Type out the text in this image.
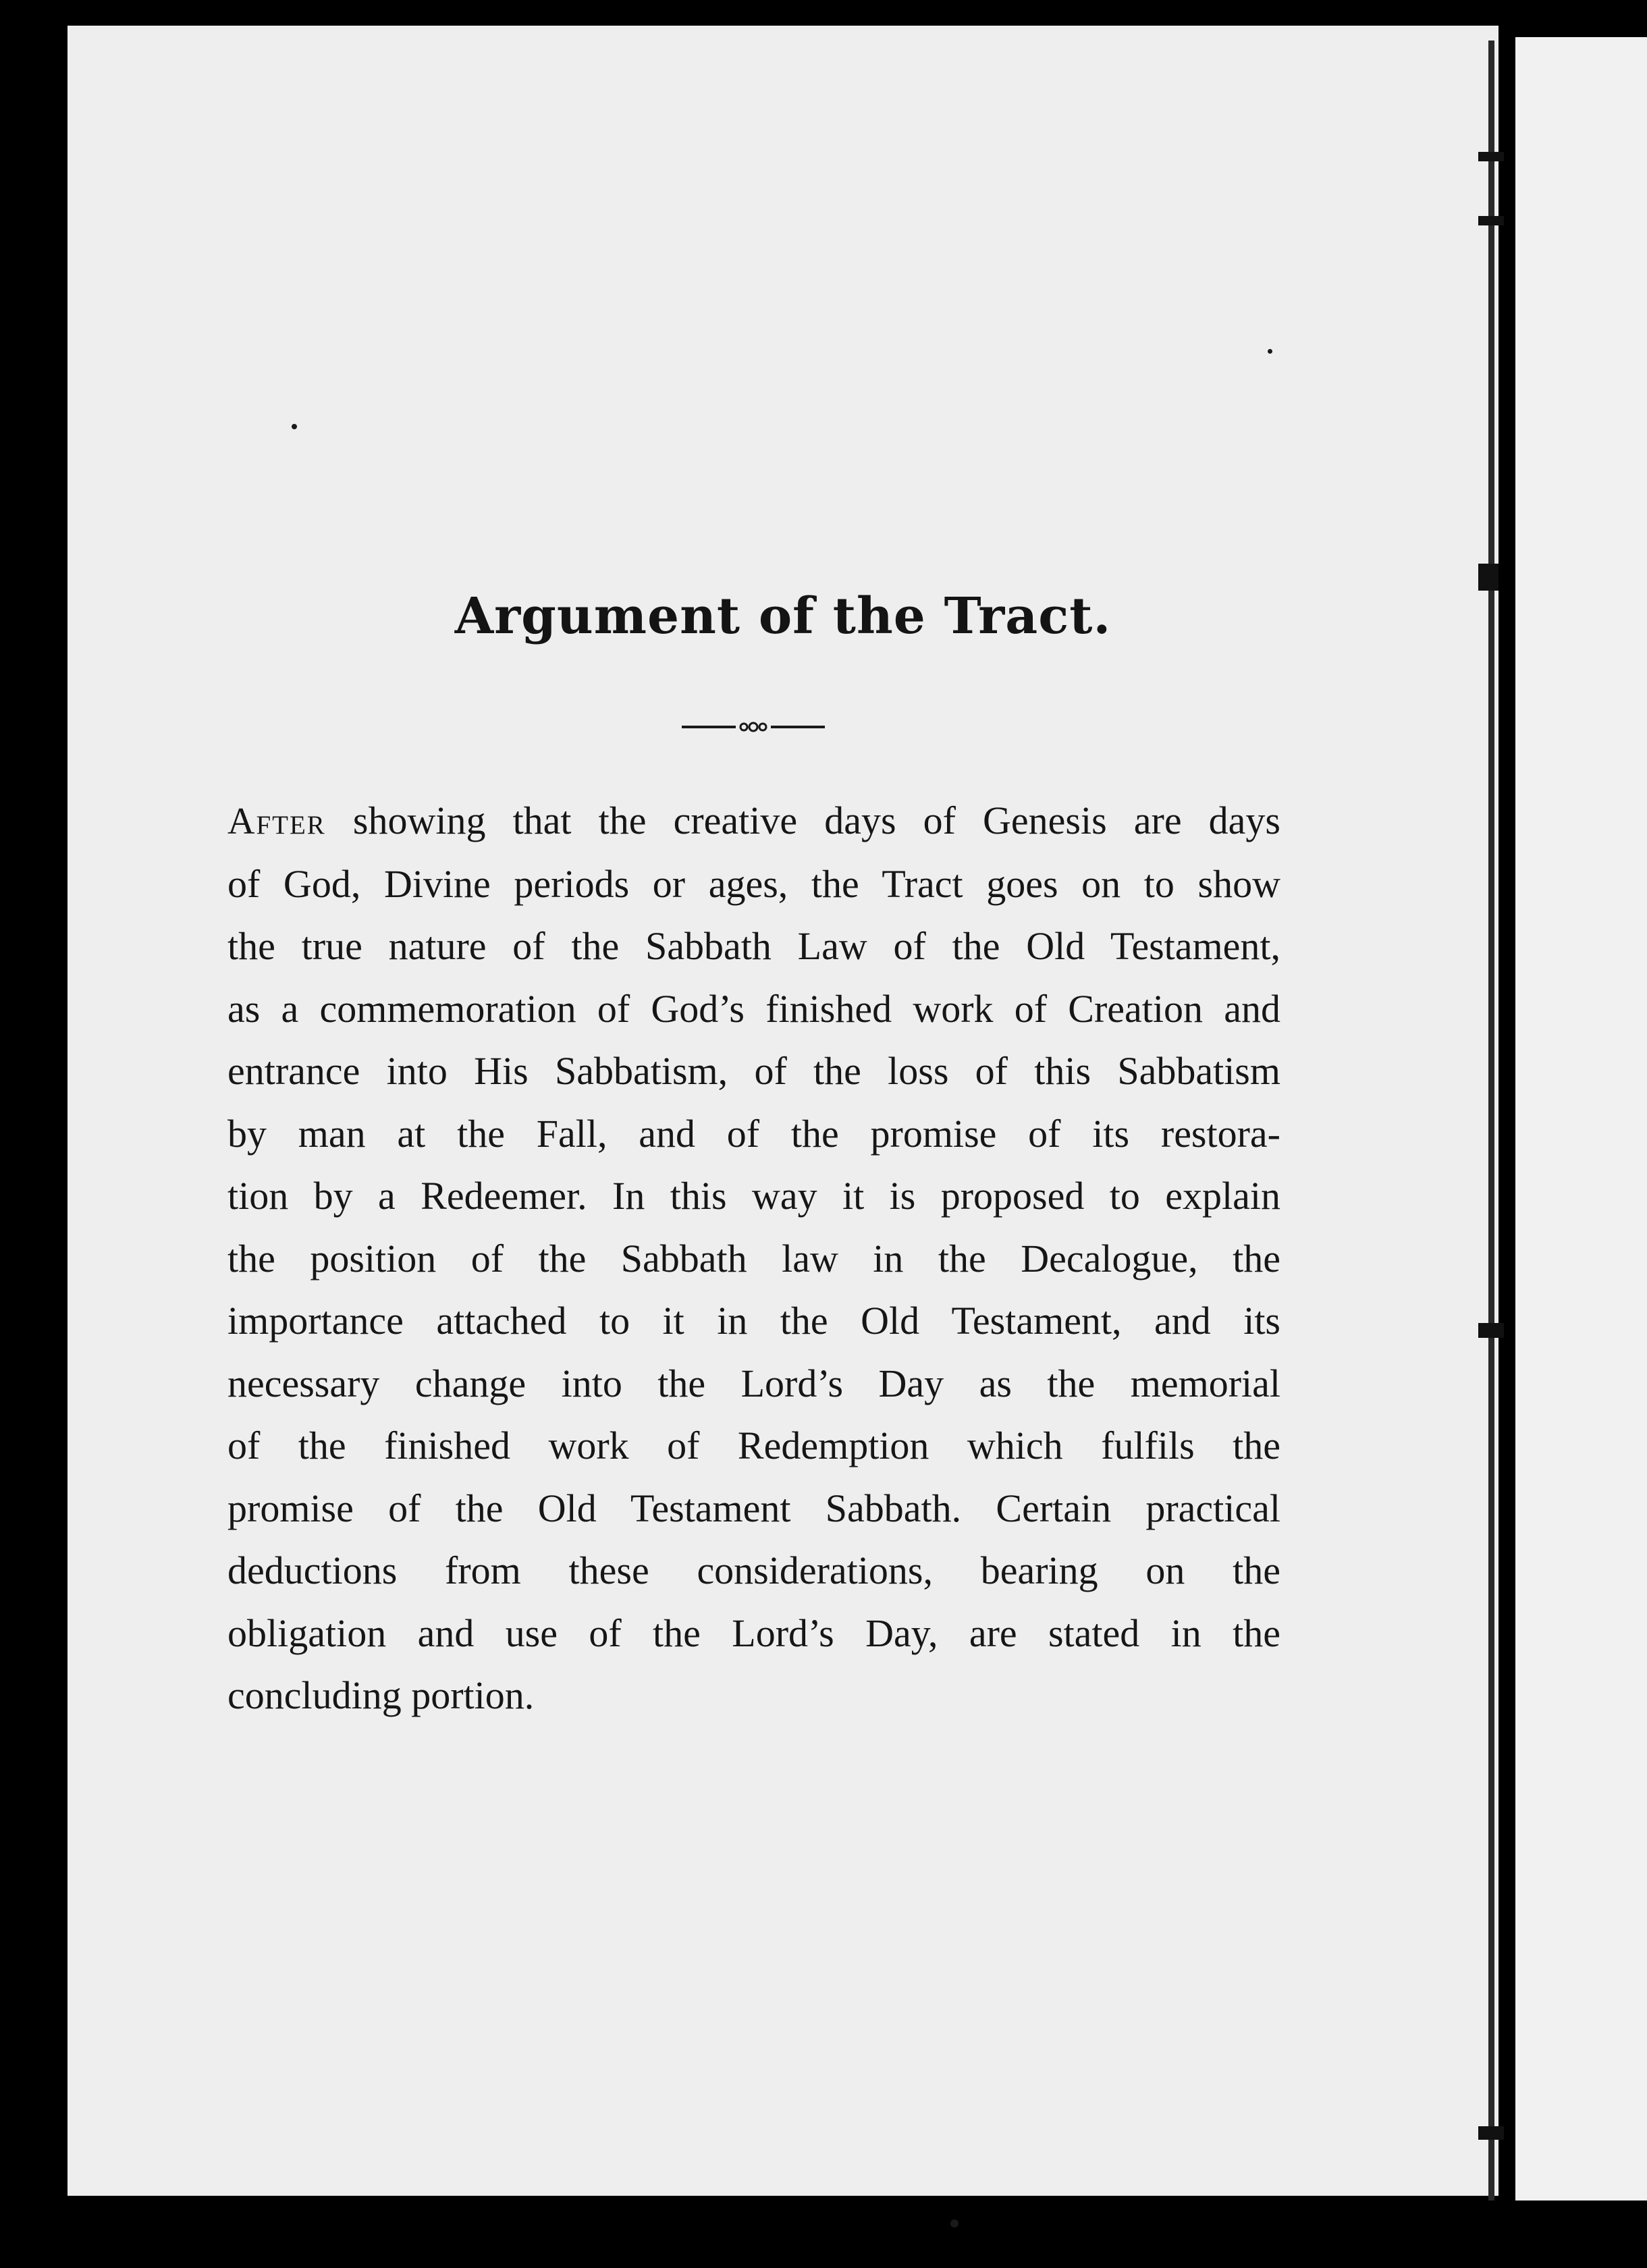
Argument of the Tract.
After showing that the creative days of Genesis are days
of God, Divine periods or ages, the Tract goes on to show
the true nature of the Sabbath Law of the Old Testament,
as a commemoration of God’s finished work of Creation and
entrance into His Sabbatism, of the loss of this Sabbatism
by man at the Fall, and of the promise of its restora-
tion by a Redeemer. In this way it is proposed to explain
the position of the Sabbath law in the Decalogue, the
importance attached to it in the Old Testament, and its
necessary change into the Lord’s Day as the memorial
of the finished work of Redemption which fulfils the
promise of the Old Testament Sabbath. Certain practical
deductions from these considerations, bearing on the
obligation and use of the Lord’s Day, are stated in the
concluding portion.
